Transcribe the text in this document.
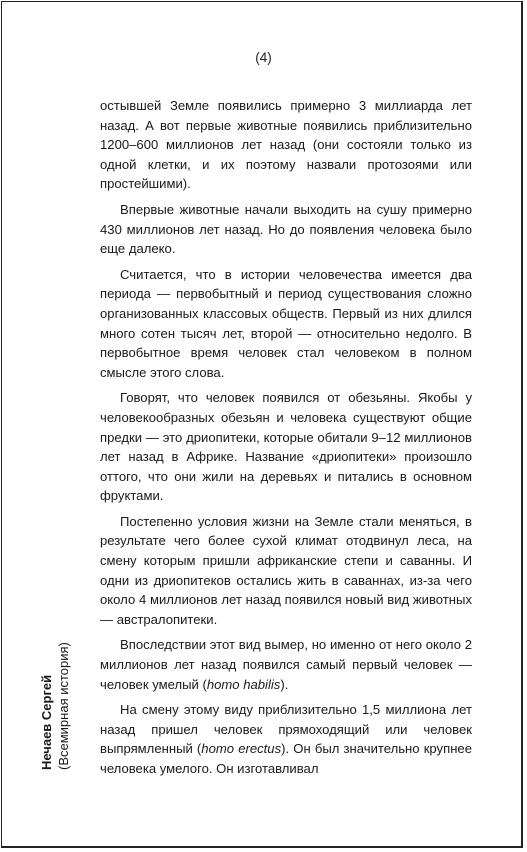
(4)

остывшей Земле появились примерно 3 миллиарда лет назад. А вот первые животные появились приблизительно 1200–600 миллионов лет назад (они состояли только из одной клетки, и их поэтому назвали протозоями или простейшими).

Впервые животные начали выходить на сушу примерно 430 миллионов лет назад. Но до появления человека было еще далеко.

Считается, что в истории человечества имеется два периода — первобытный и период существования сложно организованных классовых обществ. Первый из них длился много сотен тысяч лет, второй — относительно недолго. В первобытное время человек стал человеком в полном смысле этого слова.

Говорят, что человек появился от обезьяны. Якобы у человекообразных обезьян и человека существуют общие предки — это дриопитеки, которые обитали 9–12 миллионов лет назад в Африке. Название «дриопитеки» произошло оттого, что они жили на деревьях и питались в основном фруктами.

Постепенно условия жизни на Земле стали меняться, в результате чего более сухой климат отодвинул леса, на смену которым пришли африканские степи и саванны. И одни из дриопитеков остались жить в саваннах, из-за чего около 4 миллионов лет назад появился новый вид животных — австралопитеки.

Впоследствии этот вид вымер, но именно от него около 2 миллионов лет назад появился самый первый человек — человек умелый (homo habilis).

На смену этому виду приблизительно 1,5 миллиона лет назад пришел человек прямоходящий или человек выпрямленный (homo erectus). Он был значительно крупнее человека умелого. Он изготавливал

Нечаев Сергей (Всемирная история)
